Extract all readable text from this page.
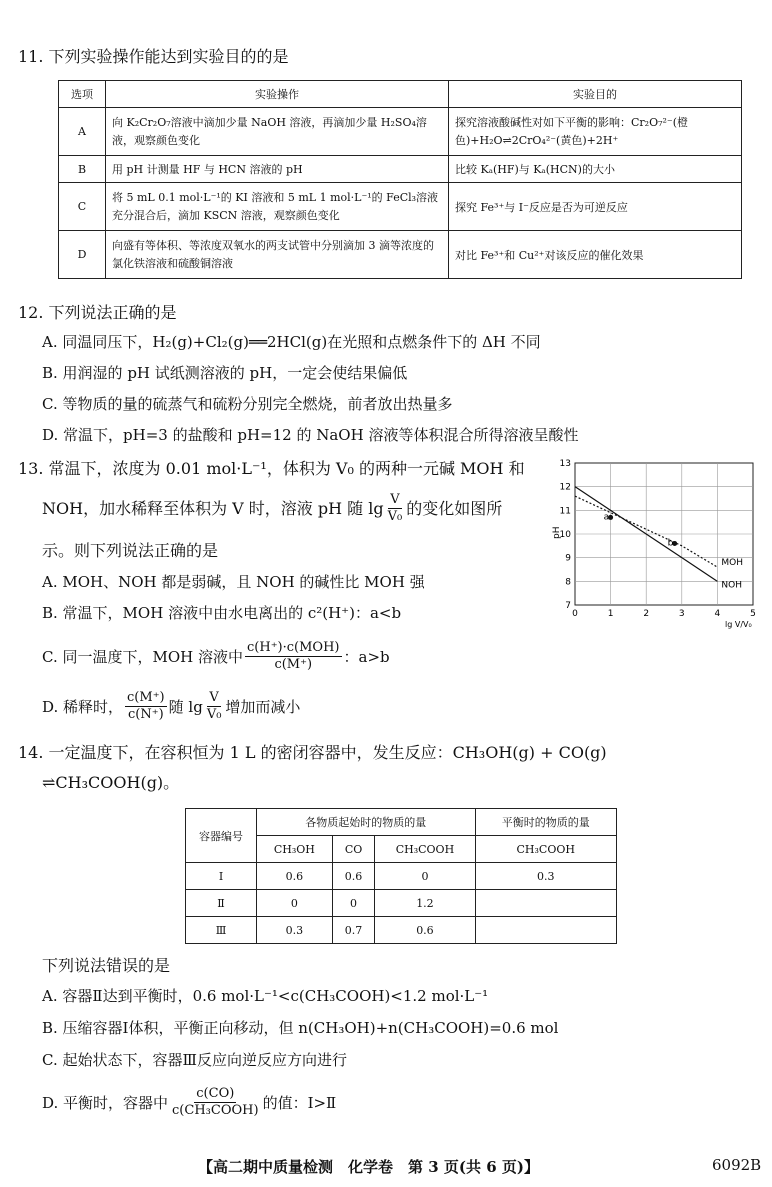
11. 下列实验操作能达到实验目的的是
选项	实验操作	实验目的
A	向 K₂Cr₂O₇溶液中滴加少量 NaOH 溶液，再滴加少量 H₂SO₄溶液，观察颜色变化	探究溶液酸碱性对如下平衡的影响：Cr₂O₇²⁻(橙色)+H₂O⇌2CrO₄²⁻(黄色)+2H⁺
B	用 pH 计测量 HF 与 HCN 溶液的 pH	比较 Kₐ(HF)与 Kₐ(HCN)的大小
C	将 5 mL 0.1 mol·L⁻¹的 KI 溶液和 5 mL 1 mol·L⁻¹的 FeCl₃溶液充分混合后，滴加 KSCN 溶液，观察颜色变化	探究 Fe³⁺与 I⁻反应是否为可逆反应
D	向盛有等体积、等浓度双氧水的两支试管中分别滴加 3 滴等浓度的氯化铁溶液和硫酸铜溶液	对比 Fe³⁺和 Cu²⁺对该反应的催化效果
12. 下列说法正确的是
A. 同温同压下，H₂(g)+Cl₂(g)══2HCl(g)在光照和点燃条件下的 ΔH 不同
B. 用润湿的 pH 试纸测溶液的 pH，一定会使结果偏低
C. 等物质的量的硫蒸气和硫粉分别完全燃烧，前者放出热量多
D. 常温下，pH=3 的盐酸和 pH=12 的 NaOH 溶液等体积混合所得溶液呈酸性
13. 常温下，浓度为 0.01 mol·L⁻¹，体积为 V₀ 的两种一元碱 MOH 和
NOH，加水稀释至体积为 V 时，溶液 pH 随 $\lg \frac{V}{\text{V₀}}$ 的变化如图所
示。则下列说法正确的是
A. MOH、NOH 都是弱碱，且 NOH 的碱性比 MOH 强
B. 常温下，MOH 溶液中由水电离出的 c²(H⁺)：a<b
C. 同一温度下，MOH 溶液中 $\frac{\text{c(H⁺)·c(MOH)}}{c(M^+)}$ ：a>b
D. 稀释时， $\frac{c(M^+)}{c(N^+)}$ 随 $\lg \frac{V}{\text{V₀}}$ 增加而减小
MOH
NOH
a
b
0	1	2	3	4	5
7
8
9
10
11
12
13
pH
lg V/V₀
14. 一定温度下，在容积恒为 1 L 的密闭容器中，发生反应：CH₃OH(g) + CO(g)
⇌CH₃COOH(g)。
容器编号	各物质起始时的物质的量			平衡时的物质的量
	CH₃OH	CO	CH₃COOH	CH₃COOH
Ⅰ	0.6	0.6	0	0.3
Ⅱ	0	0	1.2	
Ⅲ	0.3	0.7	0.6	
下列说法错误的是
A. 容器Ⅱ达到平衡时，0.6 mol·L⁻¹<c(CH₃COOH)<1.2 mol·L⁻¹
B. 压缩容器Ⅰ体积，平衡正向移动，但 n(CH₃OH)+n(CH₃COOH)=0.6 mol
C. 起始状态下，容器Ⅲ反应向逆反应方向进行
D. 平衡时，容器中 $\frac{c(CO)}{\text{c(CH₃COOH)}}$ 的值：Ⅰ>Ⅱ
【高二期中质量检测　化学卷　第 3 页(共 6 页)】	6092B
